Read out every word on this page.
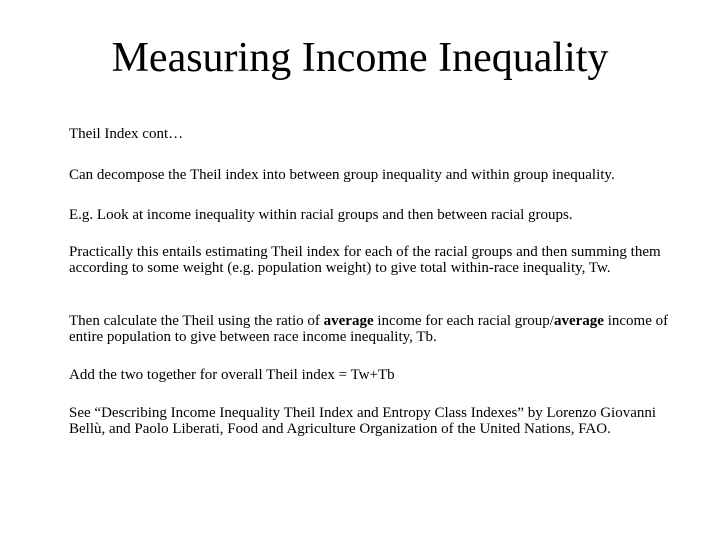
Measuring Income Inequality

Theil Index cont…

Can decompose the Theil index into between group inequality and within group inequality.

E.g. Look at income inequality within racial groups and then between racial groups.

Practically this entails estimating Theil index for each of the racial groups and then summing them according to some weight (e.g. population weight) to give total within-race inequality, Tw.

Then calculate the Theil using the ratio of average income for each racial group/average income of entire population to give between race income inequality, Tb.

Add the two together for overall Theil index = Tw+Tb

See “Describing Income Inequality Theil Index and Entropy Class Indexes” by Lorenzo Giovanni Bellù, and Paolo Liberati, Food and Agriculture Organization of the United Nations, FAO.
